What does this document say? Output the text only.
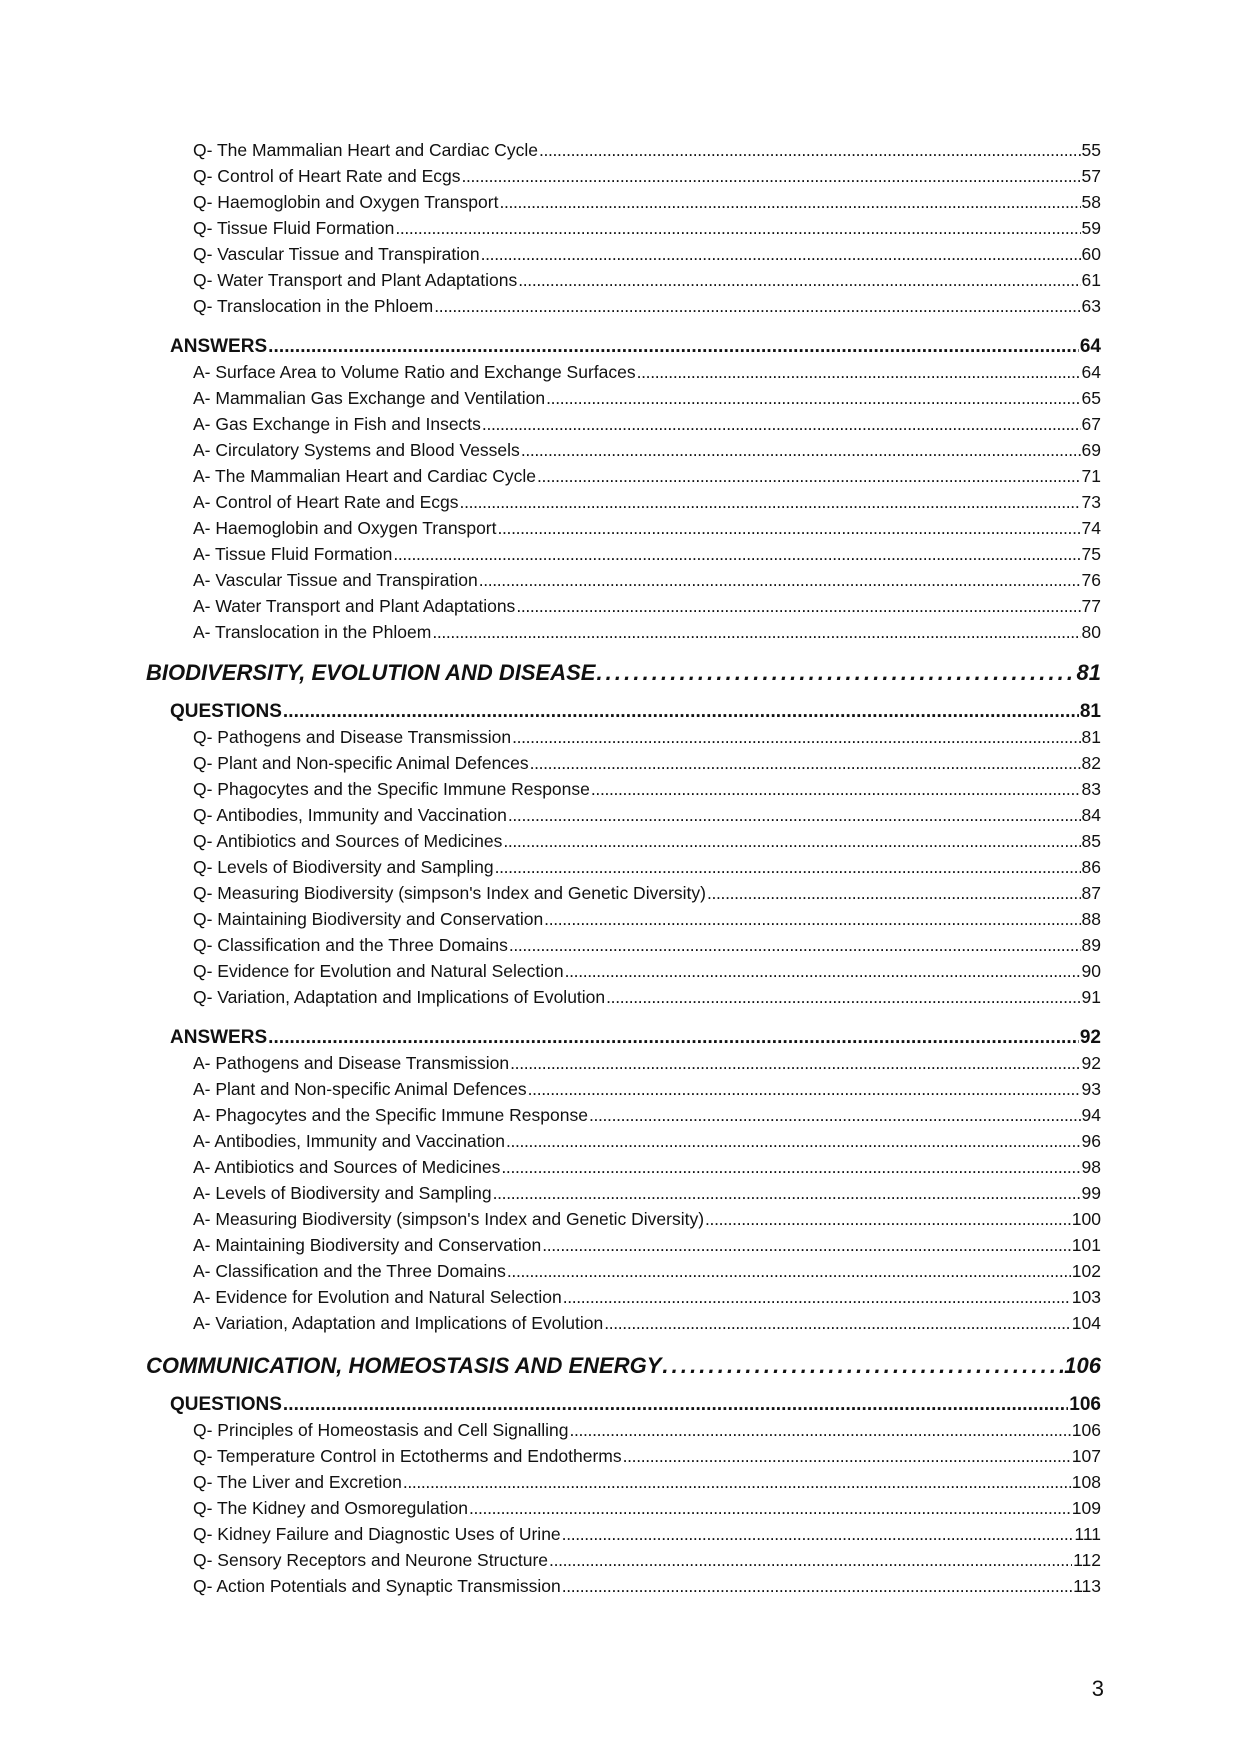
Q- The Mammalian Heart and Cardiac Cycle . . .	55
Q- Control of Heart Rate and Ecgs . . .	57
Q- Haemoglobin and Oxygen Transport . . .	58
Q- Tissue Fluid Formation . . .	59
Q- Vascular Tissue and Transpiration . . .	60
Q- Water Transport and Plant Adaptations . . .	61
Q- Translocation in the Phloem . . .	63
ANSWERS . . .	64
A- Surface Area to Volume Ratio and Exchange Surfaces . . .	64
A- Mammalian Gas Exchange and Ventilation . . .	65
A- Gas Exchange in Fish and Insects . . .	67
A- Circulatory Systems and Blood Vessels . . .	69
A- The Mammalian Heart and Cardiac Cycle . . .	71
A- Control of Heart Rate and Ecgs . . .	73
A- Haemoglobin and Oxygen Transport . . .	74
A- Tissue Fluid Formation . . .	75
A- Vascular Tissue and Transpiration . . .	76
A- Water Transport and Plant Adaptations . . .	77
A- Translocation in the Phloem . . .	80
BIODIVERSITY, EVOLUTION AND DISEASE . . .	81
QUESTIONS . . .	81
Q- Pathogens and Disease Transmission . . .	81
Q- Plant and Non-specific Animal Defences . . .	82
Q- Phagocytes and the Specific Immune Response . . .	83
Q- Antibodies, Immunity and Vaccination . . .	84
Q- Antibiotics and Sources of Medicines . . .	85
Q- Levels of Biodiversity and Sampling . . .	86
Q- Measuring Biodiversity (simpson's Index and Genetic Diversity) . . .	87
Q- Maintaining Biodiversity and Conservation . . .	88
Q- Classification and the Three Domains . . .	89
Q- Evidence for Evolution and Natural Selection . . .	90
Q- Variation, Adaptation and Implications of Evolution . . .	91
ANSWERS . . .	92
A- Pathogens and Disease Transmission . . .	92
A- Plant and Non-specific Animal Defences . . .	93
A- Phagocytes and the Specific Immune Response . . .	94
A- Antibodies, Immunity and Vaccination . . .	96
A- Antibiotics and Sources of Medicines . . .	98
A- Levels of Biodiversity and Sampling . . .	99
A- Measuring Biodiversity (simpson's Index and Genetic Diversity) . . .	100
A- Maintaining Biodiversity and Conservation . . .	101
A- Classification and the Three Domains . . .	102
A- Evidence for Evolution and Natural Selection . . .	103
A- Variation, Adaptation and Implications of Evolution . . .	104
COMMUNICATION, HOMEOSTASIS AND ENERGY . . .	106
QUESTIONS . . .	106
Q- Principles of Homeostasis and Cell Signalling . . .	106
Q- Temperature Control in Ectotherms and Endotherms . . .	107
Q- The Liver and Excretion . . .	108
Q- The Kidney and Osmoregulation . . .	109
Q- Kidney Failure and Diagnostic Uses of Urine . . .	111
Q- Sensory Receptors and Neurone Structure . . .	112
Q- Action Potentials and Synaptic Transmission . . .	113
3
